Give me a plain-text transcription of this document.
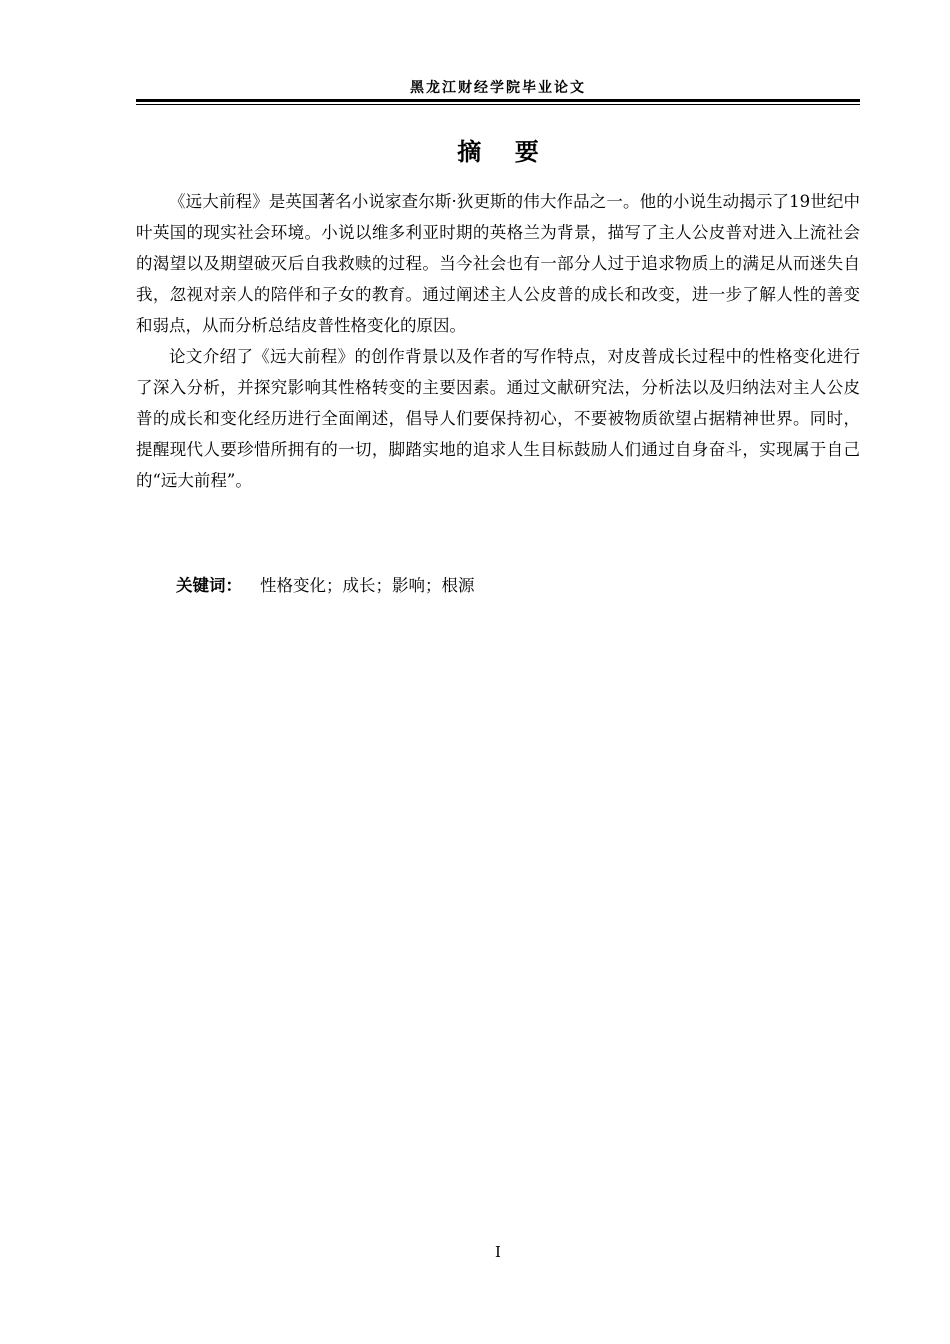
黑龙江财经学院毕业论文
摘    要

《远大前程》是英国著名小说家查尔斯·狄更斯的伟大作品之一。他的小说生动揭示了19世纪中叶英国的现实社会环境。小说以维多利亚时期的英格兰为背景，描写了主人公皮普对进入上流社会的渴望以及期望破灭后自我救赎的过程。当今社会也有一部分人过于追求物质上的满足从而迷失自我，忽视对亲人的陪伴和子女的教育。通过阐述主人公皮普的成长和改变，进一步了解人性的善变和弱点，从而分析总结皮普性格变化的原因。

论文介绍了《远大前程》的创作背景以及作者的写作特点，对皮普成长过程中的性格变化进行了深入分析，并探究影响其性格转变的主要因素。通过文献研究法，分析法以及归纳法对主人公皮普的成长和变化经历进行全面阐述，倡导人们要保持初心，不要被物质欲望占据精神世界。同时，提醒现代人要珍惜所拥有的一切，脚踏实地的追求人生目标鼓励人们通过自身奋斗，实现属于自己的“远大前程”。

关键词： 性格变化；成长；影响；根源
I
